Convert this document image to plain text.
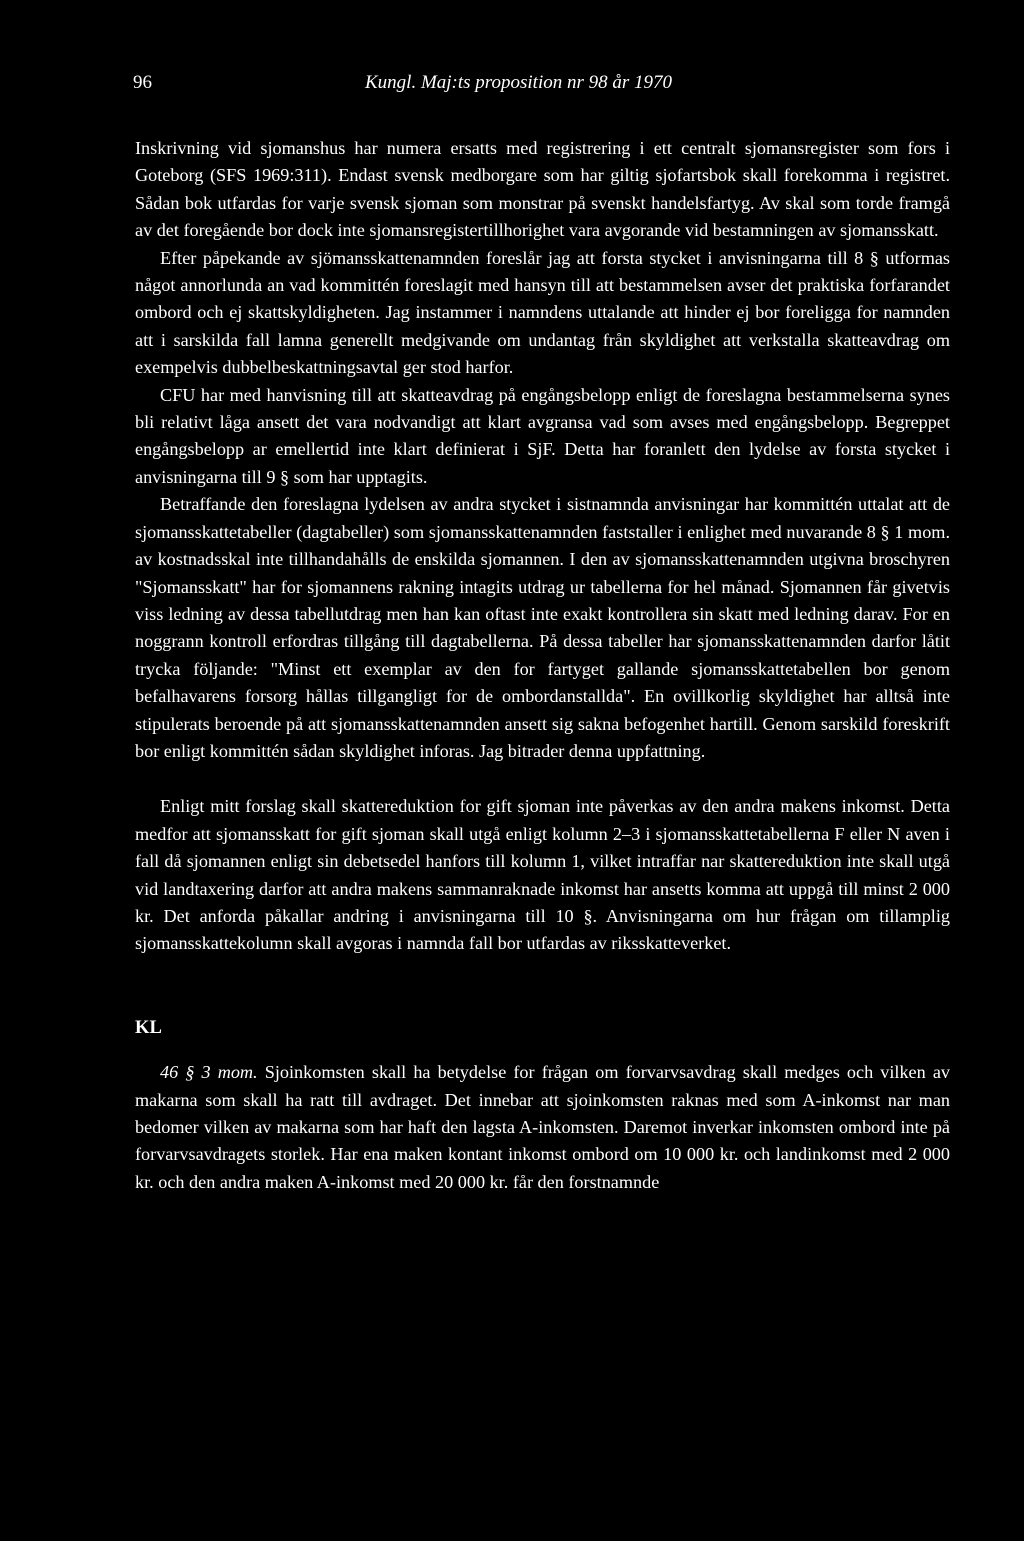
96	Kungl. Maj:ts proposition nr 98 år 1970

Inskrivning vid sjomanshus har numera ersatts med registrering i ett centralt sjomansregister som fors i Goteborg (SFS 1969:311). Endast svensk medborgare som har giltig sjofartsbok skall forekomma i registret. Sådan bok utfardas for varje svensk sjoman som monstrar på svenskt handelsfartyg. Av skal som torde framgå av det foregående bor dock inte sjomansregistertillhorighet vara avgorande vid bestamningen av sjomansskatt.

Efter påpekande av sjömansskattenamnden foreslår jag att forsta stycket i anvisningarna till 8 § utformas något annorlunda an vad kommittén foreslagit med hansyn till att bestammelsen avser det praktiska forfarandet ombord och ej skattskyldigheten. Jag instammer i namndens uttalande att hinder ej bor foreligga for namnden att i sarskilda fall lamna generellt medgivande om undantag från skyldighet att verkstalla skatteavdrag om exempelvis dubbelbeskattningsavtal ger stod harfor.

CFU har med hanvisning till att skatteavdrag på engångsbelopp enligt de foreslagna bestammelserna synes bli relativt låga ansett det vara nodvandigt att klart avgransa vad som avses med engångsbelopp. Begreppet engångsbelopp ar emellertid inte klart definierat i SjF. Detta har foranlett den lydelse av forsta stycket i anvisningarna till 9 § som har upptagits.

Betraffande den foreslagna lydelsen av andra stycket i sistnamnda anvisningar har kommittén uttalat att de sjomansskattetabeller (dagtabeller) som sjomansskattenamnden faststaller i enlighet med nuvarande 8 § 1 mom. av kostnadsskal inte tillhandahålls de enskilda sjomannen. I den av sjomansskattenamnden utgivna broschyren "Sjomansskatt" har for sjomannens rakning intagits utdrag ur tabellerna for hel månad. Sjomannen får givetvis viss ledning av dessa tabellutdrag men han kan oftast inte exakt kontrollera sin skatt med ledning darav. For en noggrann kontroll erfordras tillgång till dagtabellerna. På dessa tabeller har sjomansskattenamnden darfor låtit trycka följande: "Minst ett exemplar av den for fartyget gallande sjomansskattetabellen bor genom befalhavarens forsorg hållas tillgangligt for de ombordanstallda". En ovillkorlig skyldighet har alltså inte stipulerats beroende på att sjomansskattenamnden ansett sig sakna befogenhet hartill. Genom sarskild foreskrift bor enligt kommittén sådan skyldighet inforas. Jag bitrader denna uppfattning.

Enligt mitt forslag skall skattereduktion for gift sjoman inte påverkas av den andra makens inkomst. Detta medfor att sjomansskatt for gift sjoman skall utgå enligt kolumn 2–3 i sjomansskattetabellerna F eller N aven i fall då sjomannen enligt sin debetsedel hanfors till kolumn 1, vilket intraffar nar skattereduktion inte skall utgå vid landtaxering darfor att andra makens sammanraknade inkomst har ansetts komma att uppgå till minst 2 000 kr. Det anforda påkallar andring i anvisningarna till 10 §. Anvisningarna om hur frågan om tillamplig sjomansskattekolumn skall avgoras i namnda fall bor utfardas av riksskatteverket.

KL

46 § 3 mom. Sjoinkomsten skall ha betydelse for frågan om forvarvsavdrag skall medges och vilken av makarna som skall ha ratt till avdraget. Det innebar att sjoinkomsten raknas med som A-inkomst nar man bedomer vilken av makarna som har haft den lagsta A-inkomsten. Daremot inverkar inkomsten ombord inte på forvarvsavdragets storlek. Har ena maken kontant inkomst ombord om 10 000 kr. och landinkomst med 2 000 kr. och den andra maken A-inkomst med 20 000 kr. får den forstnamnde
